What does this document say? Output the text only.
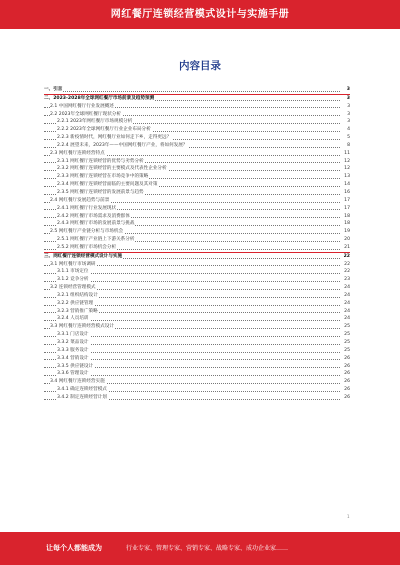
网红餐厅连锁经营模式设计与实施手册
内容目录
一、引言	3
二、2023-2028年全球网红餐厅市场前景及趋势预测	3
2.1 中国网红餐厅行业发展概述	3
2.2 2023年全球网红餐厅现状分析	3
2.2.1 2023年网红餐厅市场规模分析	3
2.2.2 2023年全球网红餐厅行业企业布局分析	4
2.2.3 新疫情时代，网红餐厅业如何走下乡，走得更远？	5
2.2.4 展望未来，2023年——中国网红餐厅产业，将如何发展？	8
2.3 网红餐厅连锁经营特点	11
2.3.1 网红餐厅连锁经营的优势与劣势分析	12
2.3.2 网红餐厅连锁经营的主要模式及代表性企业分析	12
2.3.3 网红餐厅连锁经营在市场竞争中的策略	13
2.3.4 网红餐厅连锁经营面临的主要问题及其对策	14
2.3.5 网红餐厅连锁经营的发展前景与趋势	16
2.4 网红餐厅发展趋势与前景	17
2.4.1 网红餐厅行业发展现状	17
2.4.2 网红餐厅市场需求及消费群体	18
2.4.3 网红餐厅市场的发展前景与挑战	18
2.5 网红餐厅产业链分析与市场机会	19
2.5.1 网红餐厅产业链上下游关系分析	20
2.5.2 网红餐厅市场机会分析	21
三、网红餐厅连锁经营模式设计与实施	22
3.1 网红餐厅市场调研	22
3.1.1 市场定位	22
3.1.2 竞争分析	23
3.2 连锁经营管理模式	24
3.2.1 组织结构设计	24
3.2.2 供应链管理	24
3.2.3 营销推广策略	24
3.2.4 人员培训	24
3.3 网红餐厅连锁经营模式设计	25
3.3.1 门店设计	25
3.3.2 菜品设计	25
3.3.3 服务设计	25
3.3.4 营销设计	26
3.3.5 供应链设计	26
3.3.6 管理设计	26
3.4 网红餐厅连锁经营实施	26
3.4.1 确定连锁经营模式	26
3.4.2 制定连锁经营计划	26
1
让每个人都能成为	行业专家、管理专家、营销专家、战略专家、成功企业家……
